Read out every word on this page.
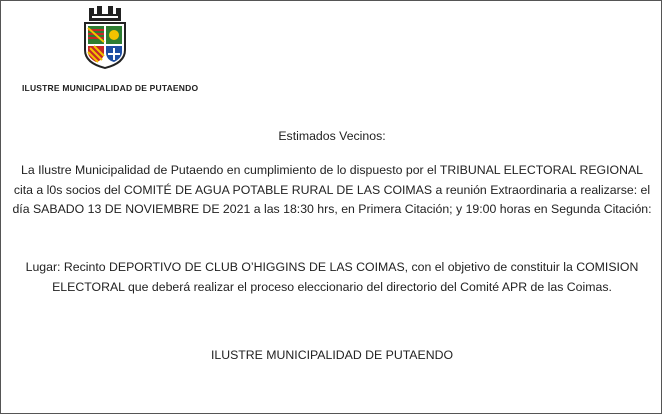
ILUSTRE MUNICIPALIDAD DE PUTAENDO
Estimados Vecinos:
La Ilustre Municipalidad de Putaendo en cumplimiento de lo dispuesto por el TRIBUNAL ELECTORAL REGIONAL cita a l0s socios del COMITÉ DE AGUA POTABLE RURAL DE LAS COIMAS a reunión Extraordinaria a realizarse: el día SABADO 13 DE NOVIEMBRE DE 2021 a las 18:30 hrs, en Primera Citación; y 19:00 horas en Segunda Citación:
Lugar: Recinto DEPORTIVO DE CLUB O’HIGGINS DE LAS COIMAS, con el objetivo de constituir la COMISION ELECTORAL que deberá realizar el proceso eleccionario del directorio del Comité APR de las Coimas.
ILUSTRE MUNICIPALIDAD DE PUTAENDO
